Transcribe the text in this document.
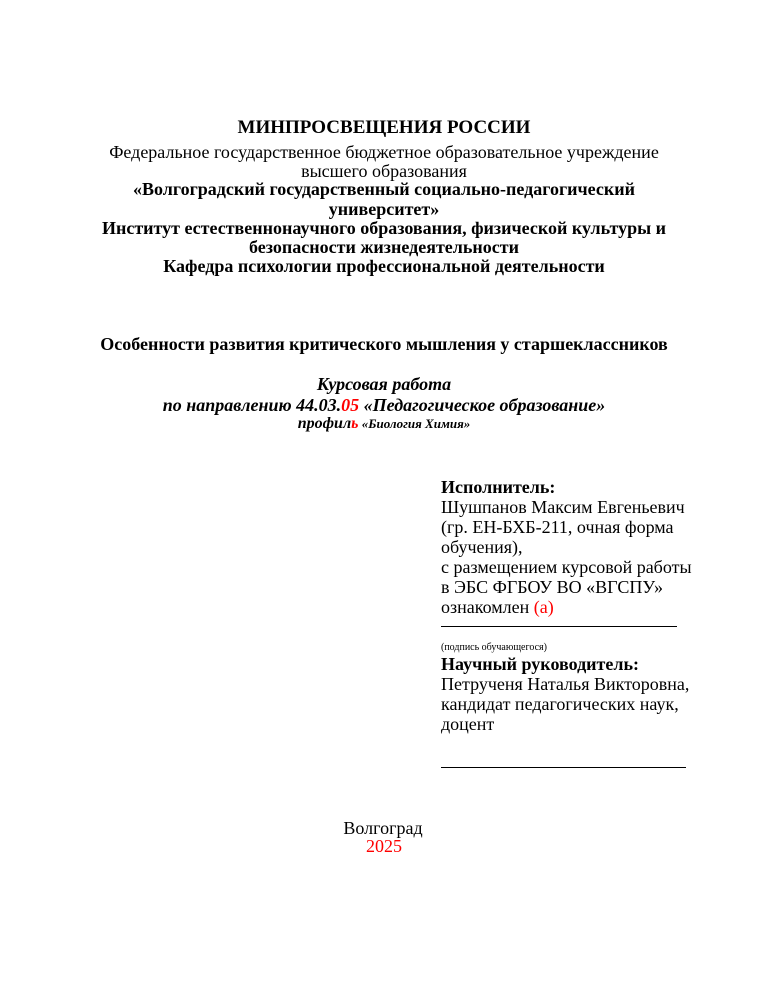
МИНПРОСВЕЩЕНИЯ РОССИИ
Федеральное государственное бюджетное образовательное учреждение
высшего образования
«Волгоградский государственный социально-педагогический
университет»
Институт естественнонаучного образования, физической культуры и
безопасности жизнедеятельности
Кафедра психологии профессиональной деятельности
Особенности развития критического мышления у старшеклассников
Курсовая работа
по направлению 44.03.05 «Педагогическое образование»
профиль «Биология Химия»
Исполнитель:
Шушпанов Максим Евгеньевич
(гр. ЕН-БХБ-211, очная форма
обучения),
с размещением курсовой работы
в ЭБС ФГБОУ ВО «ВГСПУ»
ознакомлен (а)
(подпись обучающегося)
Научный руководитель:
Петрученя Наталья Викторовна,
кандидат педагогических наук,
доцент
Волгоград
2025
